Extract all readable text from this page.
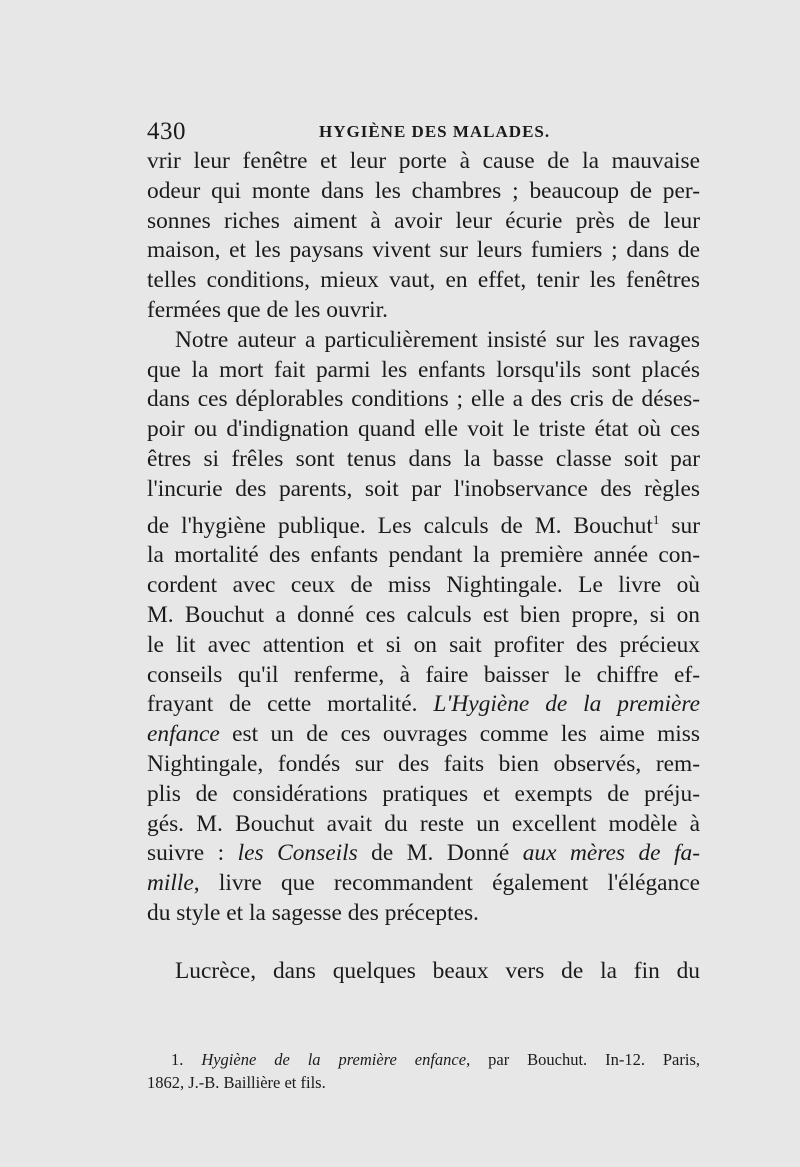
430	HYGIÈNE DES MALADES.
vrir leur fenêtre et leur porte à cause de la mauvaise
odeur qui monte dans les chambres ; beaucoup de per-
sonnes riches aiment à avoir leur écurie près de leur
maison, et les paysans vivent sur leurs fumiers ; dans de
telles conditions, mieux vaut, en effet, tenir les fenêtres
fermées que de les ouvrir.
Notre auteur a particulièrement insisté sur les ravages
que la mort fait parmi les enfants lorsqu'ils sont placés
dans ces déplorables conditions ; elle a des cris de déses-
poir ou d'indignation quand elle voit le triste état où ces
êtres si frêles sont tenus dans la basse classe soit par
l'incurie des parents, soit par l'inobservance des règles
de l'hygiène publique. Les calculs de M. Bouchut$^1$ sur
la mortalité des enfants pendant la première année con-
cordent avec ceux de miss Nightingale. Le livre où
M. Bouchut a donné ces calculs est bien propre, si on
le lit avec attention et si on sait profiter des précieux
conseils qu'il renferme, à faire baisser le chiffre ef-
frayant de cette mortalité. L'Hygiène de la première
enfance est un de ces ouvrages comme les aime miss
Nightingale, fondés sur des faits bien observés, rem-
plis de considérations pratiques et exempts de préju-
gés. M. Bouchut avait du reste un excellent modèle à
suivre : les Conseils de M. Donné aux mères de fa-
mille, livre que recommandent également l'élégance
du style et la sagesse des préceptes.
Lucrèce, dans quelques beaux vers de la fin du
1. Hygiène de la première enfance, par Bouchut. In-12. Paris,
1862, J.-B. Baillière et fils.
